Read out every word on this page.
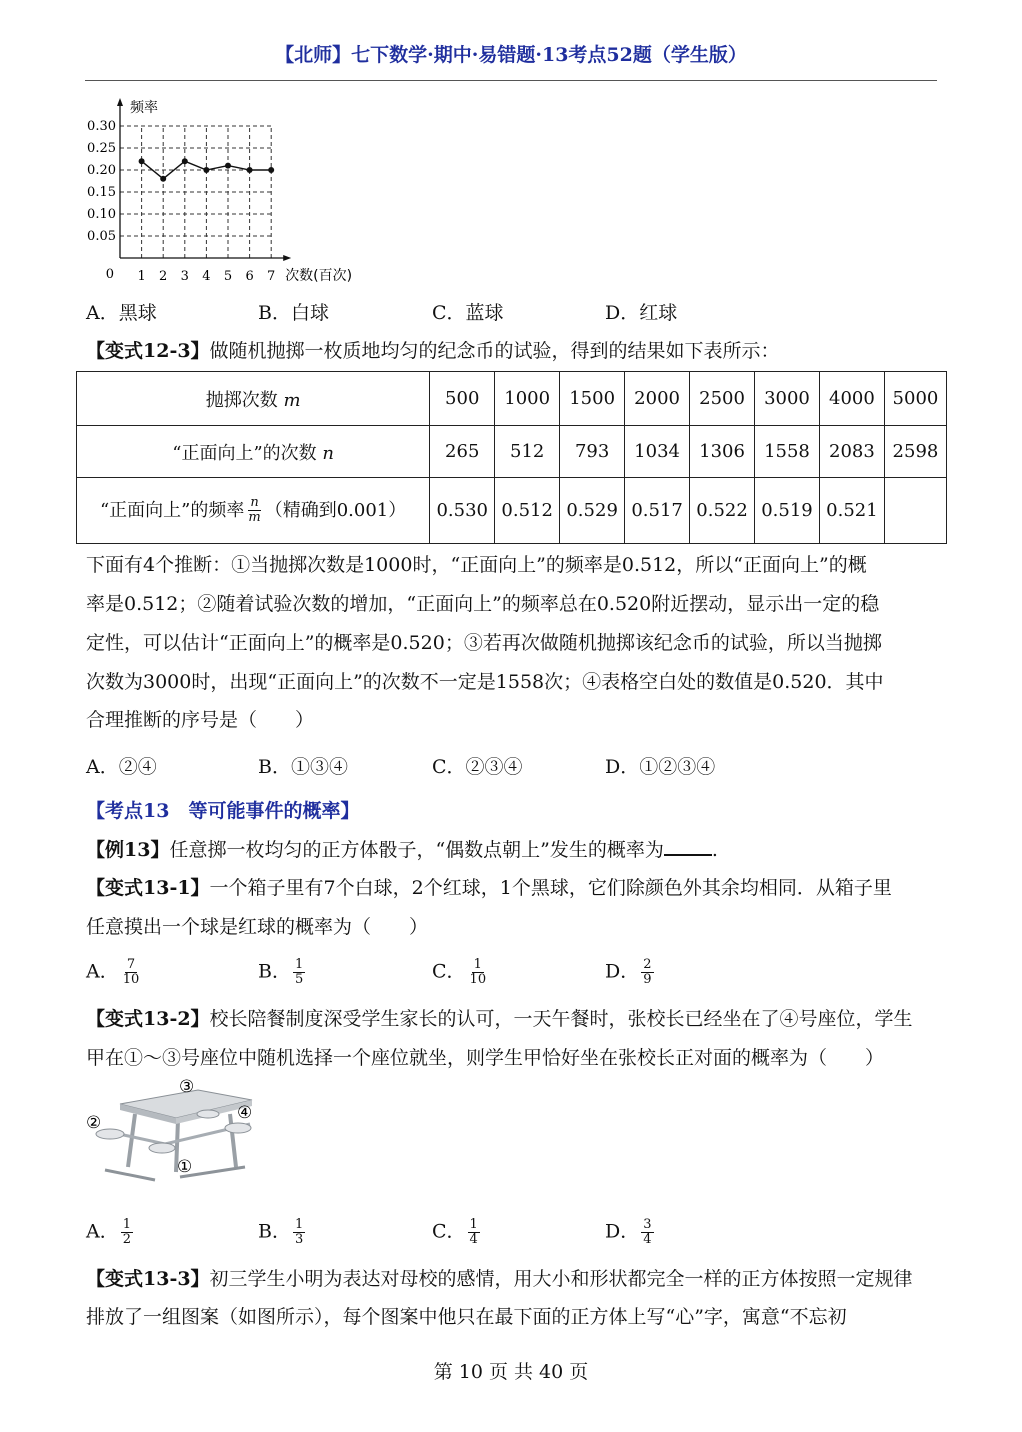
【北师】七下数学·期中·易错题·13考点52题（学生版）
0.30
0.25
0.20
0.15
0.10
0.05
1 2 3 4 5 6 7
0
频率
次数(百次)
A．黑球	B．白球	C．蓝球	D．红球
【变式12-3】做随机抛掷一枚质地均匀的纪念币的试验，得到的结果如下表所示：
抛掷次数 m	500	1000	1500	2000	2500	3000	4000	5000
“正面向上”的次数 n	265	512	793	1034	1306	1558	2083	2598
“正面向上”的频率 $\frac{n}{m}$ （精确到0.001）	0.530	0.512	0.529	0.517	0.522	0.519	0.521	
下面有4个推断：①当抛掷次数是1000时，“正面向上”的频率是0.512，所以“正面向上”的概
率是0.512；②随着试验次数的增加，“正面向上”的频率总在0.520附近摆动，显示出一定的稳
定性，可以估计“正面向上”的概率是0.520；③若再次做随机抛掷该纪念币的试验，所以当抛掷
次数为3000时，出现“正面向上”的次数不一定是1558次；④表格空白处的数值是0.520．其中
合理推断的序号是（　　）
A．②④	B．①③④	C．②③④	D．①②③④
【考点13　等可能事件的概率】
【例13】任意掷一枚均匀的正方体骰子，“偶数点朝上”发生的概率为	.
【变式13-1】一个箱子里有7个白球，2个红球，1个黑球，它们除颜色外其余均相同．从箱子里
任意摸出一个球是红球的概率为（　　）
A． $\frac{7}{10}$	B． $\frac{1}{5}$	C． $\frac{1}{10}$	D． $\frac{2}{9}$
【变式13-2】校长陪餐制度深受学生家长的认可，一天午餐时，张校长已经坐在了④号座位，学生
甲在①～③号座位中随机选择一个座位就坐，则学生甲恰好坐在张校长正对面的概率为（　　）
①
②
③
④
A． $\frac{1}{2}$	B． $\frac{1}{3}$	C． $\frac{1}{4}$	D． $\frac{3}{4}$
【变式13-3】初三学生小明为表达对母校的感情，用大小和形状都完全一样的正方体按照一定规律
排放了一组图案（如图所示），每个图案中他只在最下面的正方体上写“心”字，寓意“不忘初
第 10 页 共 40 页
